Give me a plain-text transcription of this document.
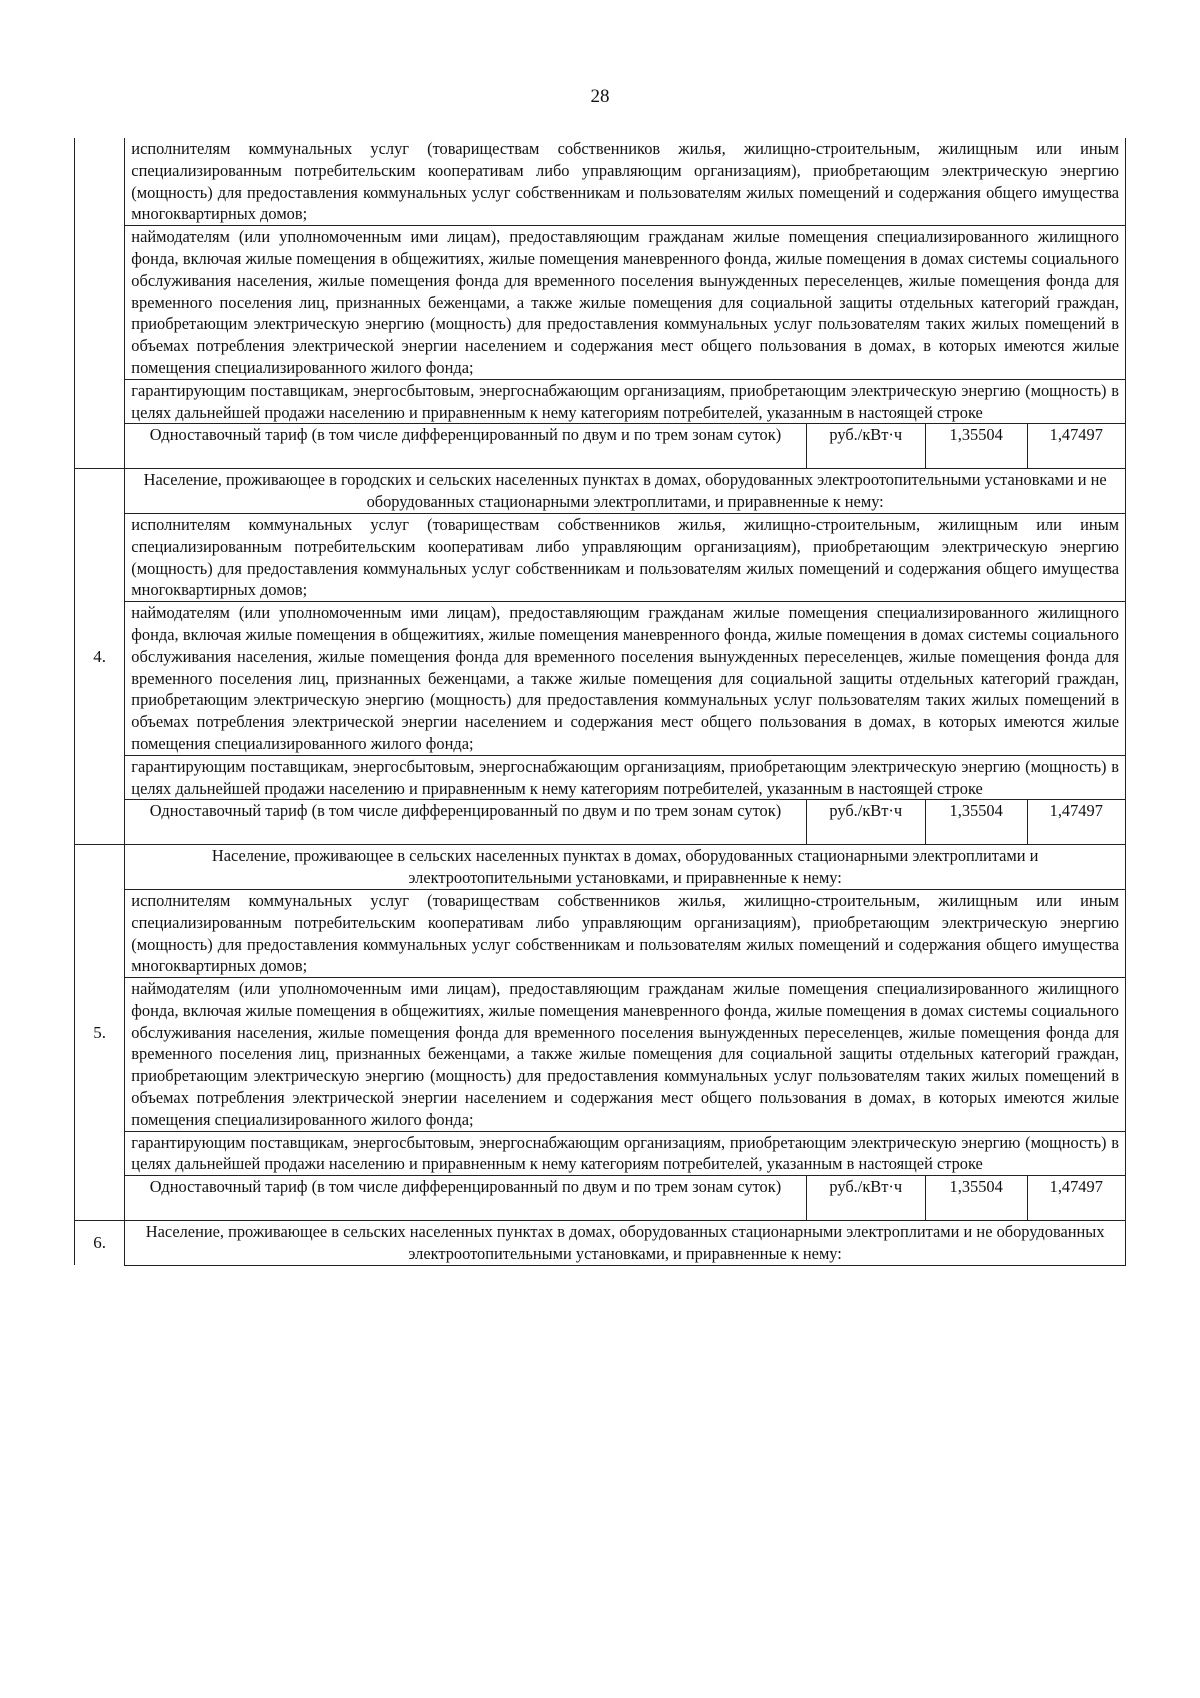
28
	исполнителям коммунальных услуг (товариществам собственников жилья, жилищно-строительным, жилищным или иным специализированным потребительским кооперативам либо управляющим организациям), приобретающим электрическую энергию (мощность) для предоставления коммунальных услуг собственникам и пользователям жилых помещений и содержания общего имущества многоквартирных домов;			
	наймодателям (или уполномоченным ими лицам), предоставляющим гражданам жилые помещения специализированного жилищного фонда, включая жилые помещения в общежитиях, жилые помещения маневренного фонда, жилые помещения в домах системы социального обслуживания населения, жилые помещения фонда для временного поселения вынужденных переселенцев, жилые помещения фонда для временного поселения лиц, признанных беженцами, а также жилые помещения для социальной защиты отдельных категорий граждан, приобретающим электрическую энергию (мощность) для предоставления коммунальных услуг пользователям таких жилых помещений в объемах потребления электрической энергии населением и содержания мест общего пользования в домах, в которых имеются жилые помещения специализированного жилого фонда;			
	гарантирующим поставщикам, энергосбытовым, энергоснабжающим организациям, приобретающим электрическую энергию (мощность) в целях дальнейшей продажи населению и приравненным к нему категориям потребителей, указанным в настоящей строке			
	Одноставочный тариф (в том числе дифференцированный по двум и по трем зонам суток)	руб./кВт·ч	1,35504	1,47497
4.	Население, проживающее в городских и сельских населенных пунктах в домах, оборудованных электроотопительными установками и не оборудованных стационарными электроплитами, и приравненные к нему:			
	исполнителям коммунальных услуг (товариществам собственников жилья, жилищно-строительным, жилищным или иным специализированным потребительским кооперативам либо управляющим организациям), приобретающим электрическую энергию (мощность) для предоставления коммунальных услуг собственникам и пользователям жилых помещений и содержания общего имущества многоквартирных домов;			
	наймодателям (или уполномоченным ими лицам), предоставляющим гражданам жилые помещения специализированного жилищного фонда, включая жилые помещения в общежитиях, жилые помещения маневренного фонда, жилые помещения в домах системы социального обслуживания населения, жилые помещения фонда для временного поселения вынужденных переселенцев, жилые помещения фонда для временного поселения лиц, признанных беженцами, а также жилые помещения для социальной защиты отдельных категорий граждан, приобретающим электрическую энергию (мощность) для предоставления коммунальных услуг пользователям таких жилых помещений в объемах потребления электрической энергии населением и содержания мест общего пользования в домах, в которых имеются жилые помещения специализированного жилого фонда;			
	гарантирующим поставщикам, энергосбытовым, энергоснабжающим организациям, приобретающим электрическую энергию (мощность) в целях дальнейшей продажи населению и приравненным к нему категориям потребителей, указанным в настоящей строке			
	Одноставочный тариф (в том числе дифференцированный по двум и по трем зонам суток)	руб./кВт·ч	1,35504	1,47497
5.	Население, проживающее в сельских населенных пунктах в домах, оборудованных стационарными электроплитами и электроотопительными установками, и приравненные к нему:			
	исполнителям коммунальных услуг (товариществам собственников жилья, жилищно-строительным, жилищным или иным специализированным потребительским кооперативам либо управляющим организациям), приобретающим электрическую энергию (мощность) для предоставления коммунальных услуг собственникам и пользователям жилых помещений и содержания общего имущества многоквартирных домов;			
	наймодателям (или уполномоченным ими лицам), предоставляющим гражданам жилые помещения специализированного жилищного фонда, включая жилые помещения в общежитиях, жилые помещения маневренного фонда, жилые помещения в домах системы социального обслуживания населения, жилые помещения фонда для временного поселения вынужденных переселенцев, жилые помещения фонда для временного поселения лиц, признанных беженцами, а также жилые помещения для социальной защиты отдельных категорий граждан, приобретающим электрическую энергию (мощность) для предоставления коммунальных услуг пользователям таких жилых помещений в объемах потребления электрической энергии населением и содержания мест общего пользования в домах, в которых имеются жилые помещения специализированного жилого фонда;			
	гарантирующим поставщикам, энергосбытовым, энергоснабжающим организациям, приобретающим электрическую энергию (мощность) в целях дальнейшей продажи населению и приравненным к нему категориям потребителей, указанным в настоящей строке			
	Одноставочный тариф (в том числе дифференцированный по двум и по трем зонам суток)	руб./кВт·ч	1,35504	1,47497
6.	Население, проживающее в сельских населенных пунктах в домах, оборудованных стационарными электроплитами и не оборудованных электроотопительными установками, и приравненные к нему:			
